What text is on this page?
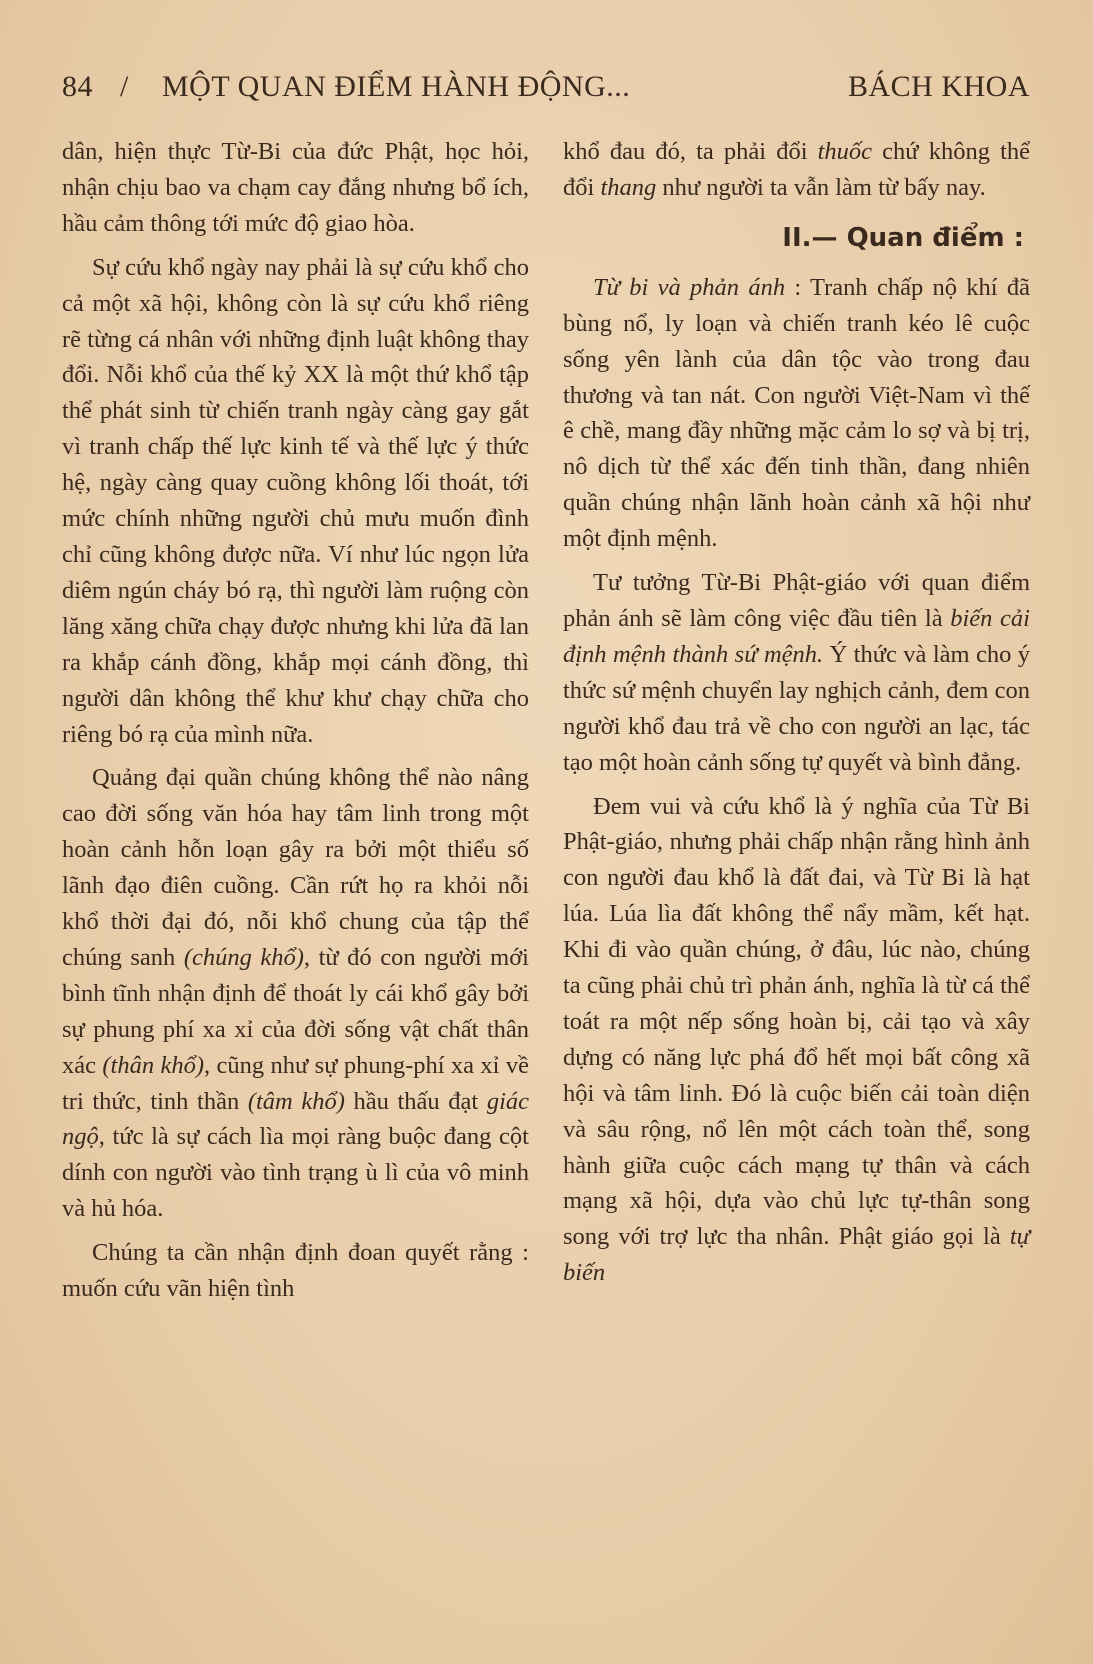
84 / MỘT QUAN ĐIỂM HÀNH ĐỘNG...	BÁCH KHOA

dân, hiện thực Từ-Bi của đức Phật, học hỏi, nhận chịu bao va chạm cay đắng nhưng bổ ích, hầu cảm thông tới mức độ giao hòa.

Sự cứu khổ ngày nay phải là sự cứu khổ cho cả một xã hội, không còn là sự cứu khổ riêng rẽ từng cá nhân với những định luật không thay đổi. Nỗi khổ của thế kỷ XX là một thứ khổ tập thể phát sinh từ chiến tranh ngày càng gay gắt vì tranh chấp thế lực kinh tế và thế lực ý thức hệ, ngày càng quay cuồng không lối thoát, tới mức chính những người chủ mưu muốn đình chỉ cũng không được nữa. Ví như lúc ngọn lửa diêm ngún cháy bó rạ, thì người làm ruộng còn lăng xăng chữa chạy được nhưng khi lửa đã lan ra khắp cánh đồng, khắp mọi cánh đồng, thì người dân không thể khư khư chạy chữa cho riêng bó rạ của mình nữa.

Quảng đại quần chúng không thể nào nâng cao đời sống văn hóa hay tâm linh trong một hoàn cảnh hỗn loạn gây ra bởi một thiểu số lãnh đạo điên cuồng. Cần rứt họ ra khỏi nỗi khổ thời đại đó, nỗi khổ chung của tập thể chúng sanh (chúng khổ), từ đó con người mới bình tĩnh nhận định để thoát ly cái khổ gây bởi sự phung phí xa xỉ của đời sống vật chất thân xác (thân khổ), cũng như sự phung-phí xa xỉ về tri thức, tinh thần (tâm khổ) hầu thấu đạt giác ngộ, tức là sự cách lìa mọi ràng buộc đang cột dính con người vào tình trạng ù lì của vô minh và hủ hóa.

Chúng ta cần nhận định đoan quyết rằng : muốn cứu vãn hiện tình

khổ đau đó, ta phải đổi thuốc chứ không thể đổi thang như người ta vẫn làm từ bấy nay.

II.— Quan điểm :

Từ bi và phản ánh : Tranh chấp nộ khí đã bùng nổ, ly loạn và chiến tranh kéo lê cuộc sống yên lành của dân tộc vào trong đau thương và tan nát. Con người Việt-Nam vì thế ê chề, mang đầy những mặc cảm lo sợ và bị trị, nô dịch từ thể xác đến tinh thần, đang nhiên quần chúng nhận lãnh hoàn cảnh xã hội như một định mệnh.

Tư tưởng Từ-Bi Phật-giáo với quan điểm phản ánh sẽ làm công việc đầu tiên là biến cải định mệnh thành sứ mệnh. Ý thức và làm cho ý thức sứ mệnh chuyển lay nghịch cảnh, đem con người khổ đau trả về cho con người an lạc, tác tạo một hoàn cảnh sống tự quyết và bình đẳng.

Đem vui và cứu khổ là ý nghĩa của Từ Bi Phật-giáo, nhưng phải chấp nhận rằng hình ảnh con người đau khổ là đất đai, và Từ Bi là hạt lúa. Lúa lìa đất không thể nẩy mầm, kết hạt. Khi đi vào quần chúng, ở đâu, lúc nào, chúng ta cũng phải chủ trì phản ánh, nghĩa là từ cá thể toát ra một nếp sống hoàn bị, cải tạo và xây dựng có năng lực phá đổ hết mọi bất công xã hội và tâm linh. Đó là cuộc biến cải toàn diện và sâu rộng, nổ lên một cách toàn thể, song hành giữa cuộc cách mạng tự thân và cách mạng xã hội, dựa vào chủ lực tự-thân song song với trợ lực tha nhân. Phật giáo gọi là tự biến
